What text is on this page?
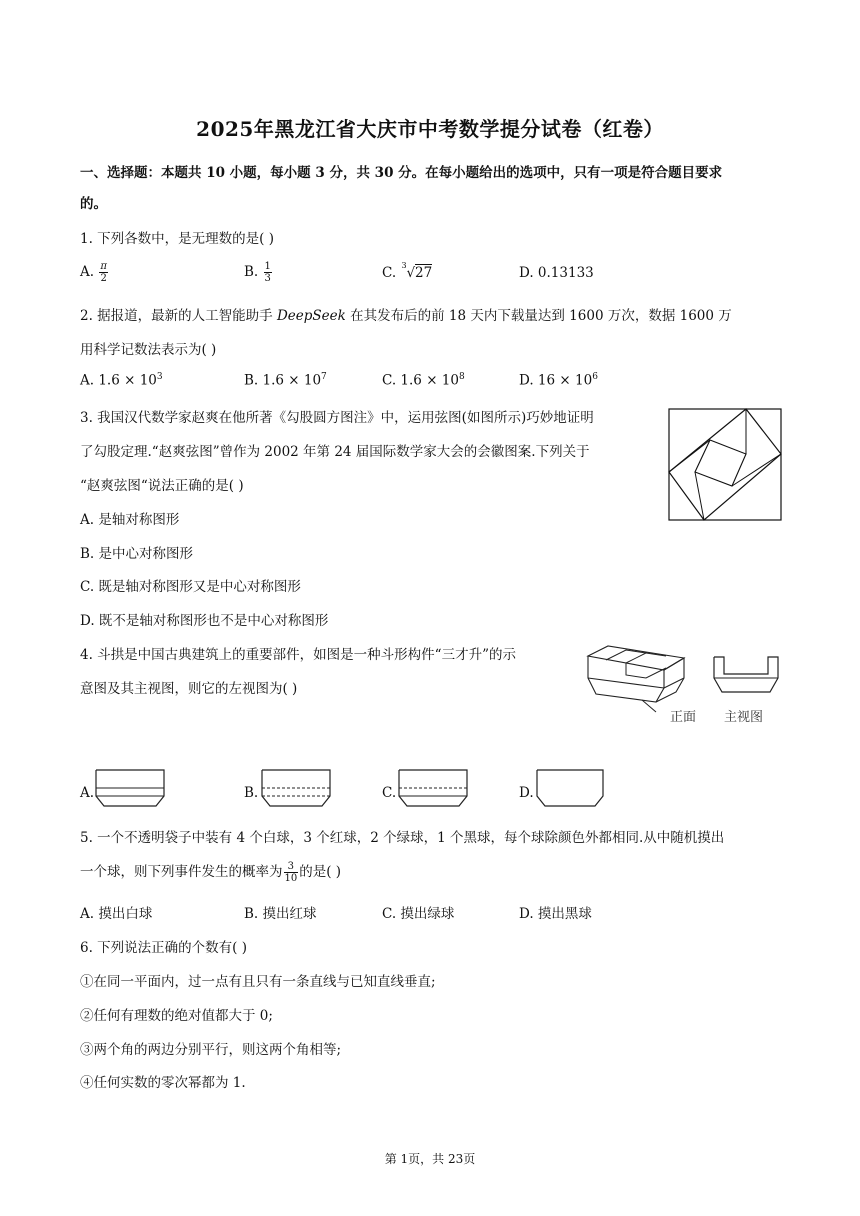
2025年黑龙江省大庆市中考数学提分试卷（红卷）
一、选择题：本题共 10 小题，每小题 3 分，共 30 分。在每小题给出的选项中，只有一项是符合题目要求
的。
1. 下列各数中，是无理数的是( )
A. $\frac{\pi}{2}$	B. $\frac{1}{3}$	C. 3 √27	D. 0.13133
2. 据报道，最新的人工智能助手 DeepSeek 在其发布后的前 18 天内下载量达到 1600 万次，数据 1600 万
用科学记数法表示为( )
A. $1.6 \times 10^3$	B. $1.6 \times 10^7$	C. $1.6 \times 10^8$	D. $16 \times 10^6$
3. 我国汉代数学家赵爽在他所著《勾股圆方图注》中，运用弦图(如图所示)巧妙地证明
了勾股定理.“赵爽弦图”曾作为 2002 年第 24 届国际数学家大会的会徽图案.下列关于
“赵爽弦图“说法正确的是( )
A. 是轴对称图形
B. 是中心对称图形
C. 既是轴对称图形又是中心对称图形
D. 既不是轴对称图形也不是中心对称图形
4. 斗拱是中国古典建筑上的重要部件，如图是一种斗形构件“三才升”的示
意图及其主视图，则它的左视图为( )
正面 主视图
A.	B.	C.	D.
5. 一个不透明袋子中装有 4 个白球，3 个红球，2 个绿球，1 个黑球，每个球除颜色外都相同.从中随机摸出
一个球，则下列事件发生的概率为 $\frac{3}{10}$ 的是( )
A. 摸出白球	B. 摸出红球	C. 摸出绿球	D. 摸出黑球
6. 下列说法正确的个数有( )
①在同一平面内，过一点有且只有一条直线与已知直线垂直;
②任何有理数的绝对值都大于 0;
③两个角的两边分别平行，则这两个角相等;
④任何实数的零次幂都为 1.
第 1页，共 23页
